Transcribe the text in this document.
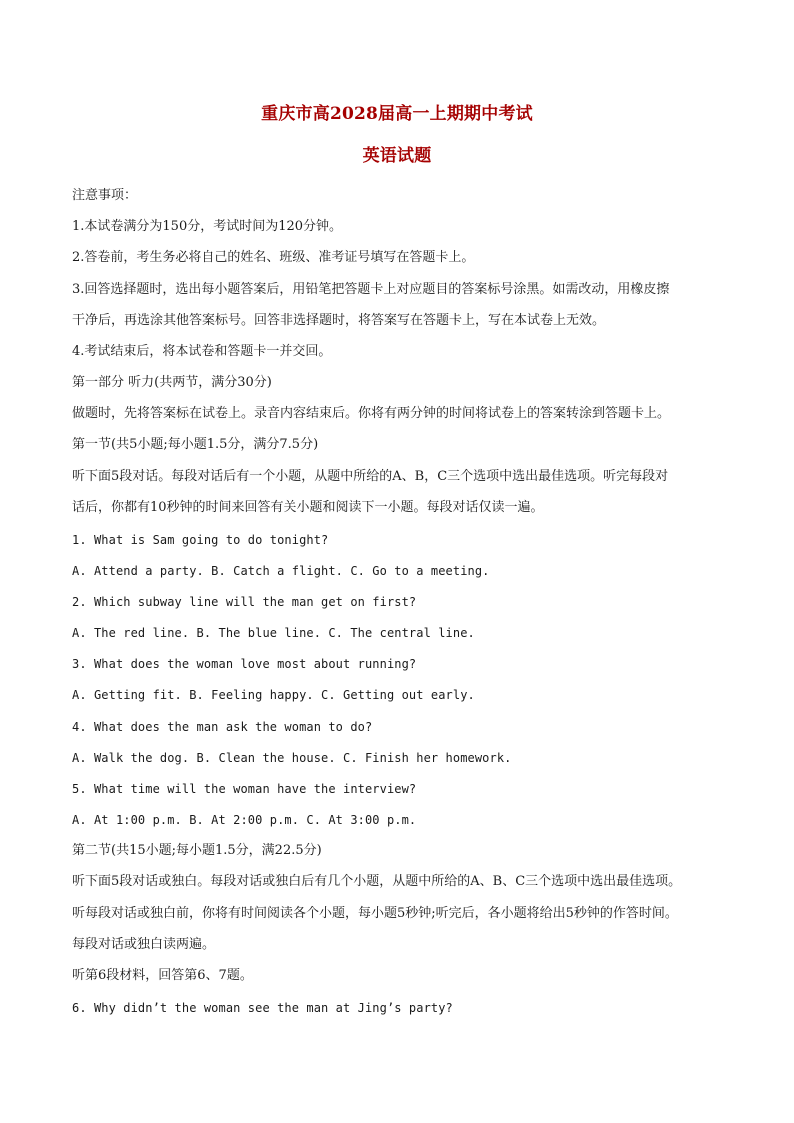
重庆市高2028届高一上期期中考试
英语试题
注意事项：
1.本试卷满分为150分，考试时间为120分钟。
2.答卷前，考生务必将自己的姓名、班级、准考证号填写在答题卡上。
3.回答选择题时，选出每小题答案后，用铅笔把答题卡上对应题目的答案标号涂黑。如需改动，用橡皮擦
干净后，再选涂其他答案标号。回答非选择题时，将答案写在答题卡上，写在本试卷上无效。
4.考试结束后，将本试卷和答题卡一并交回。
第一部分 听力(共两节，满分30分)
做题时，先将答案标在试卷上。录音内容结束后。你将有两分钟的时间将试卷上的答案转涂到答题卡上。
第一节(共5小题;每小题1.5分，满分7.5分)
听下面5段对话。每段对话后有一个小题，从题中所给的A、B，C三个选项中选出最佳选项。听完每段对
话后，你都有10秒钟的时间来回答有关小题和阅读下一小题。每段对话仅读一遍。
1. What is Sam going to do tonight?
A. Attend a party. B. Catch a flight. C. Go to a meeting.
2. Which subway line will the man get on first?
A. The red line. B. The blue line. C. The central line.
3. What does the woman love most about running?
A. Getting fit. B. Feeling happy. C. Getting out early.
4. What does the man ask the woman to do?
A. Walk the dog. B. Clean the house. C. Finish her homework.
5. What time will the woman have the interview?
A. At 1:00 p.m. B. At 2:00 p.m. C. At 3:00 p.m.
第二节(共15小题;每小题1.5分，满22.5分)
听下面5段对话或独白。每段对话或独白后有几个小题，从题中所给的A、B、C三个选项中选出最佳选项。
听每段对话或独白前，你将有时间阅读各个小题，每小题5秒钟;听完后，各小题将给出5秒钟的作答时间。
每段对话或独白读两遍。
听第6段材料，回答第6、7题。
6. Why didn’t the woman see the man at Jing’s party?
